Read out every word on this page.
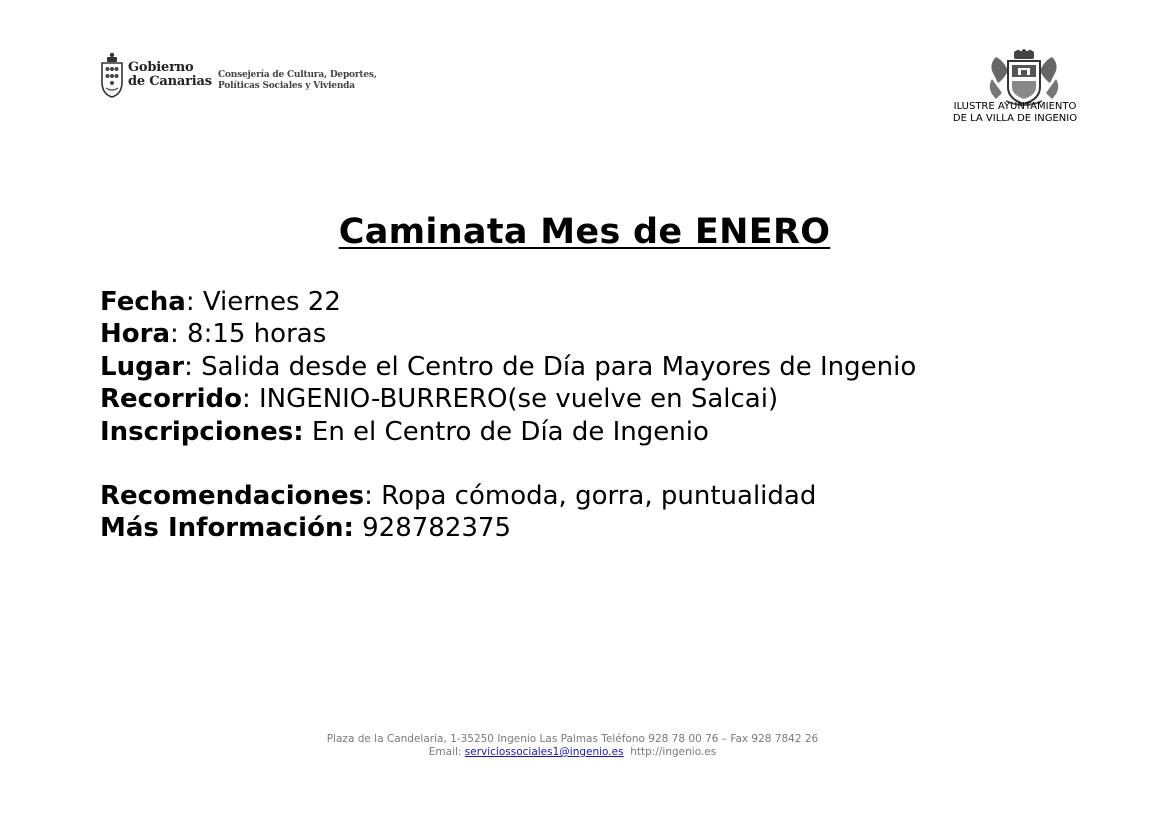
Gobierno
de Canarias Consejería de Cultura, Deportes,
Políticas Sociales y Vivienda
ILUSTRE AYUNTAMIENTO
DE LA VILLA DE INGENIO
Caminata Mes de ENERO
Fecha: Viernes 22
Hora: 8:15 horas
Lugar: Salida desde el Centro de Día para Mayores de Ingenio
Recorrido: INGENIO-BURRERO(se vuelve en Salcai)
Inscripciones: En el Centro de Día de Ingenio
Recomendaciones: Ropa cómoda, gorra, puntualidad
Más Información: 928782375
Plaza de la Candelaria, 1-35250 Ingenio Las Palmas Teléfono 928 78 00 76 – Fax 928 7842 26
Email: serviciossociales1@ingenio.es http://ingenio.es
